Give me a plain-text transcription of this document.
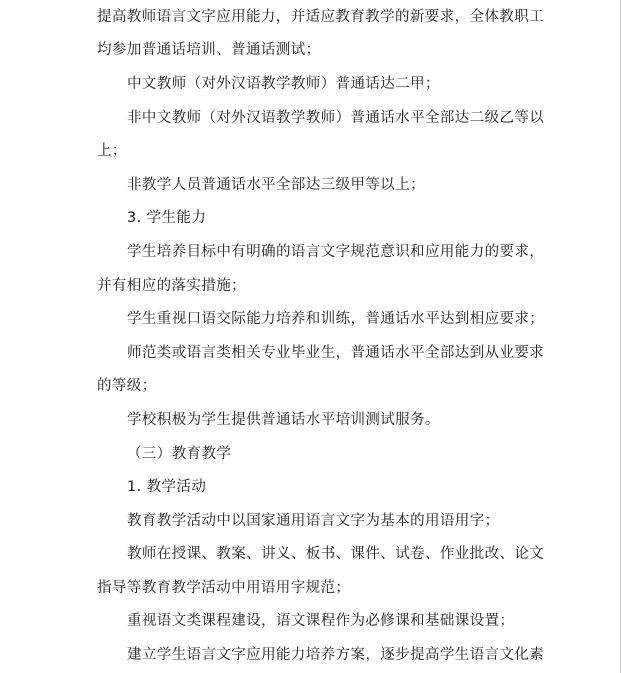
提高教师语言文字应用能力，并适应教育教学的新要求，全体教职工
均参加普通话培训、普通话测试；
中文教师（对外汉语教学教师）普通话达二甲；
非中文教师（对外汉语教学教师）普通话水平全部达二级乙等以
上；
非教学人员普通话水平全部达三级甲等以上；
3. 学生能力
学生培养目标中有明确的语言文字规范意识和应用能力的要求，
并有相应的落实措施；
学生重视口语交际能力培养和训练，普通话水平达到相应要求；
师范类或语言类相关专业毕业生，普通话水平全部达到从业要求
的等级；
学校积极为学生提供普通话水平培训测试服务。
（三）教育教学
1. 教学活动
教育教学活动中以国家通用语言文字为基本的用语用字；
教师在授课、教案、讲义、板书、课件、试卷、作业批改、论文
指导等教育教学活动中用语用字规范；
重视语文类课程建设，语文课程作为必修课和基础课设置；
建立学生语言文字应用能力培养方案，逐步提高学生语言文化素
